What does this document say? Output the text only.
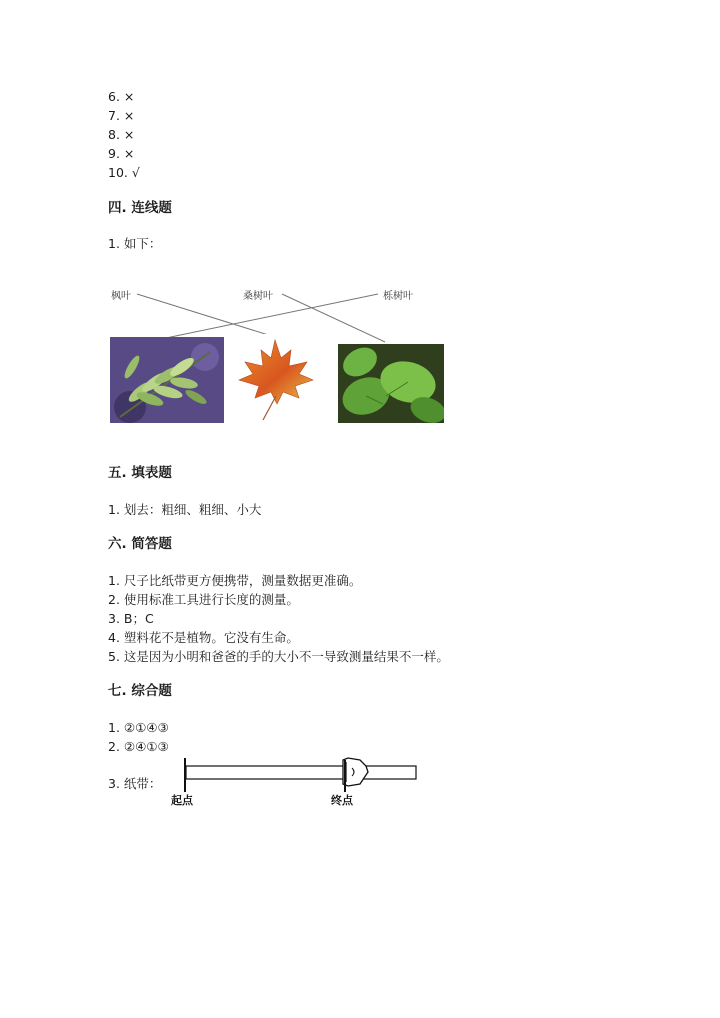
6. ×
7. ×
8. ×
9. ×
10. √
四. 连线题
1. 如下：
枫叶	桑树叶	栎树叶
五. 填表题
1. 划去：粗细、粗细、小大
六. 简答题
1. 尺子比纸带更方便携带，测量数据更准确。
2. 使用标准工具进行长度的测量。
3. B；C
4. 塑料花不是植物。它没有生命。
5. 这是因为小明和爸爸的手的大小不一导致测量结果不一样。
七. 综合题
1. ②①④③
2. ②④①③
3. 纸带：
起点	终点
